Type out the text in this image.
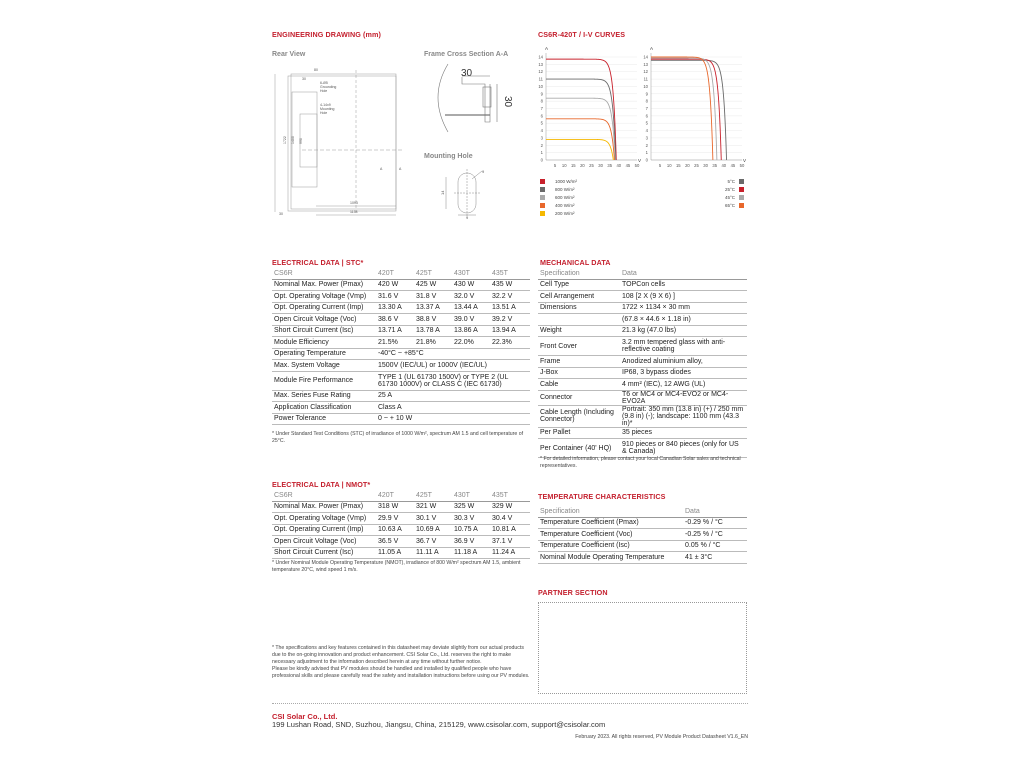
ENGINEERING DRAWING (mm)
Rear View	Frame Cross Section A-A
Mounting Hole
80
30
6-Ø5
Grounding
Hole
4-14x9
Mounting
Hole
1722 1400 990
1093
1134
30
A	A
30
30
9
14
9
CS6R-420T / I-V CURVES
A
14
13
12
11
10
9
8
7
6
5
4
3
2
1
0
5 10 15 20 25 30 35 40 45 50
V
A
14
13
12
11
10
9
8
7
6
5
4
3
2
1
0
5 10 15 20 25 30 35 40 45 50
V
1000 W/m²
800 W/m²
600 W/m²
400 W/m²
200 W/m²
5°C
25°C
45°C
65°C
ELECTRICAL DATA | STC*
CS6R	420T	425T	430T	435T
Nominal Max. Power (Pmax)	420 W	425 W	430 W	435 W
Opt. Operating Voltage (Vmp)	31.6 V	31.8 V	32.0 V	32.2 V
Opt. Operating Current (Imp)	13.30 A	13.37 A	13.44 A	13.51 A
Open Circuit Voltage (Voc)	38.6 V	38.8 V	39.0 V	39.2 V
Short Circuit Current (Isc)	13.71 A	13.78 A	13.86 A	13.94 A
Module Efficiency	21.5%	21.8%	22.0%	22.3%
Operating Temperature	-40°C ~ +85°C			
Max. System Voltage	1500V (IEC/UL) or 1000V (IEC/UL)			
Module Fire Performance	TYPE 1 (UL 61730 1500V) or TYPE 2 (UL 61730 1000V) or CLASS C (IEC 61730)			
Max. Series Fuse Rating	25 A			
Application Classification	Class A			
Power Tolerance	0 ~ + 10 W			
* Under Standard Test Conditions (STC) of irradiance of 1000 W/m², spectrum AM 1.5 and cell temperature of 25°C.
ELECTRICAL DATA | NMOT*
CS6R	420T	425T	430T	435T
Nominal Max. Power (Pmax)	318 W	321 W	325 W	329 W
Opt. Operating Voltage (Vmp)	29.9 V	30.1 V	30.3 V	30.4 V
Opt. Operating Current (Imp)	10.63 A	10.69 A	10.75 A	10.81 A
Open Circuit Voltage (Voc)	36.5 V	36.7 V	36.9 V	37.1 V
Short Circuit Current (Isc)	11.05 A	11.11 A	11.18 A	11.24 A
* Under Nominal Module Operating Temperature (NMOT), irradiance of 800 W/m² spectrum AM 1.5, ambient temperature 20°C, wind speed 1 m/s.
MECHANICAL DATA
Specification	Data
Cell Type	TOPCon cells
Cell Arrangement	108 [2 X (9 X 6) ]
Dimensions	1722 × 1134 × 30 mm
	(67.8 × 44.6 × 1.18 in)
Weight	21.3 kg (47.0 lbs)
Front Cover	3.2 mm tempered glass with anti-reflective coating
Frame	Anodized aluminium alloy,
J-Box	IP68, 3 bypass diodes
Cable	4 mm² (IEC), 12 AWG (UL)
Connector	T6 or MC4 or MC4-EVO2 or MC4-EVO2A
Cable Length (Including Connector)	Portrait: 350 mm (13.8 in) (+) / 250 mm (9.8 in) (-); landscape: 1100 mm (43.3 in)*
Per Pallet	35 pieces
Per Container (40' HQ)	910 pieces or 840 pieces (only for US & Canada)
* For detailed information, please contact your local Canadian Solar sales and technical representatives.
TEMPERATURE CHARACTERISTICS
Specification	Data
Temperature Coefficient (Pmax)	-0.29 % / °C
Temperature Coefficient (Voc)	-0.25 % / °C
Temperature Coefficient (Isc)	0.05 % / °C
Nominal Module Operating Temperature	41 ± 3°C
PARTNER SECTION
* The specifications and key features contained in this datasheet may deviate slightly from our actual products due to the on-going innovation and product enhancement. CSI Solar Co., Ltd. reserves the right to make necessary adjustment to the information described herein at any time without further notice.
Please be kindly advised that PV modules should be handled and installed by qualified people who have professional skills and please carefully read the safety and installation instructions before using our PV modules.
CSI Solar Co., Ltd.
199 Lushan Road, SND, Suzhou, Jiangsu, China, 215129, www.csisolar.com, support@csisolar.com
February 2023. All rights reserved, PV Module Product Datasheet V1.6_EN
